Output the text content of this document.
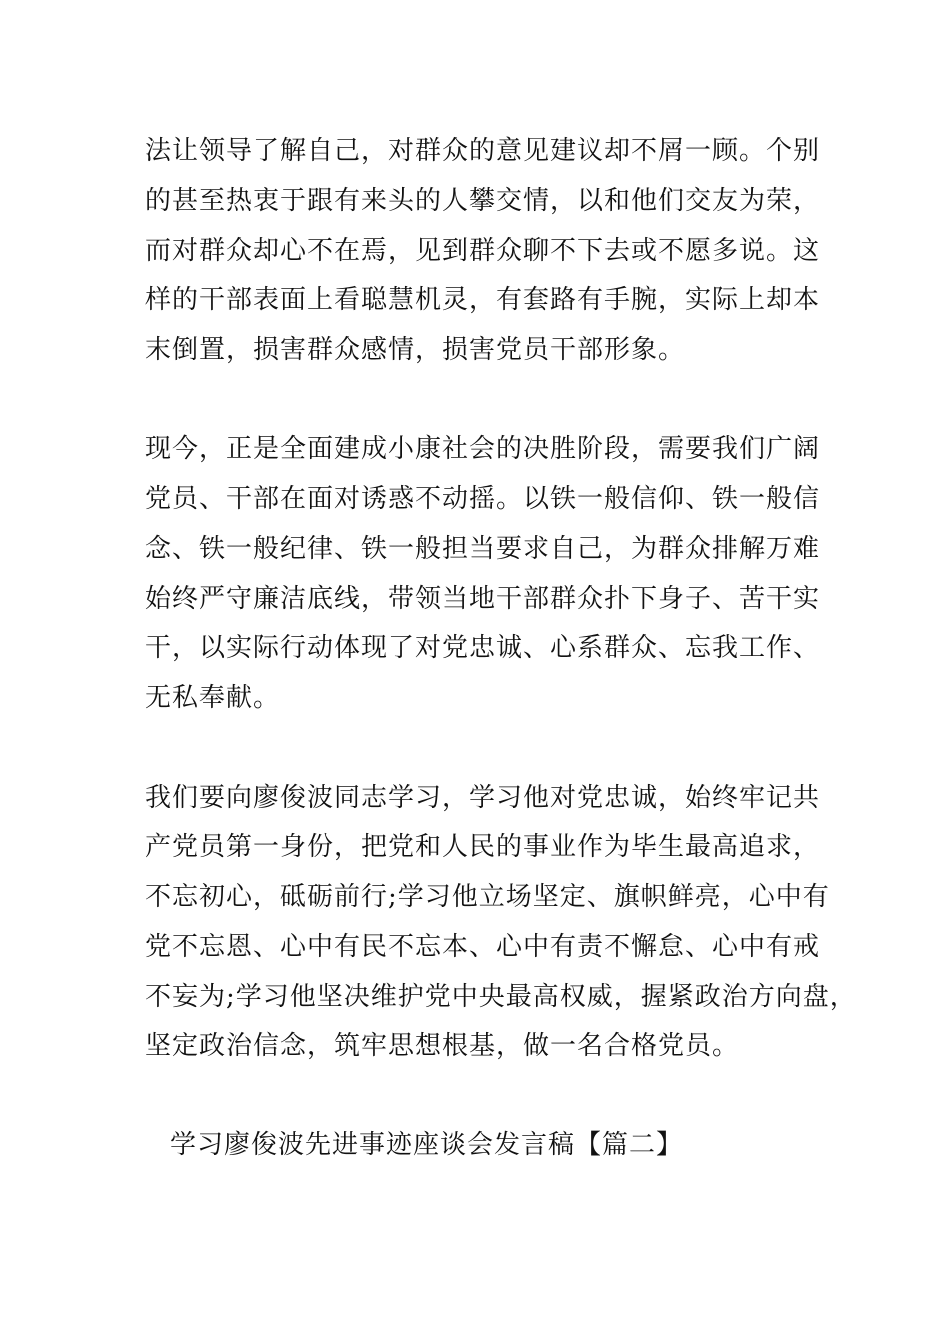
法让领导了解自己，对群众的意见建议却不屑一顾。个别
的甚至热衷于跟有来头的人攀交情，以和他们交友为荣，
而对群众却心不在焉，见到群众聊不下去或不愿多说。这
样的干部表面上看聪慧机灵，有套路有手腕，实际上却本
末倒置，损害群众感情，损害党员干部形象。
现今，正是全面建成小康社会的决胜阶段，需要我们广阔
党员、干部在面对诱惑不动摇。以铁一般信仰、铁一般信
念、铁一般纪律、铁一般担当要求自己，为群众排解万难
始终严守廉洁底线，带领当地干部群众扑下身子、苦干实
干，以实际行动体现了对党忠诚、心系群众、忘我工作、
无私奉献。
我们要向廖俊波同志学习，学习他对党忠诚，始终牢记共
产党员第一身份，把党和人民的事业作为毕生最高追求，
不忘初心，砥砺前行;学习他立场坚定、旗帜鲜亮，心中有
党不忘恩、心中有民不忘本、心中有责不懈怠、心中有戒
不妄为;学习他坚决维护党中央最高权威，握紧政治方向盘，
坚定政治信念，筑牢思想根基，做一名合格党员。
学习廖俊波先进事迹座谈会发言稿【篇二】
